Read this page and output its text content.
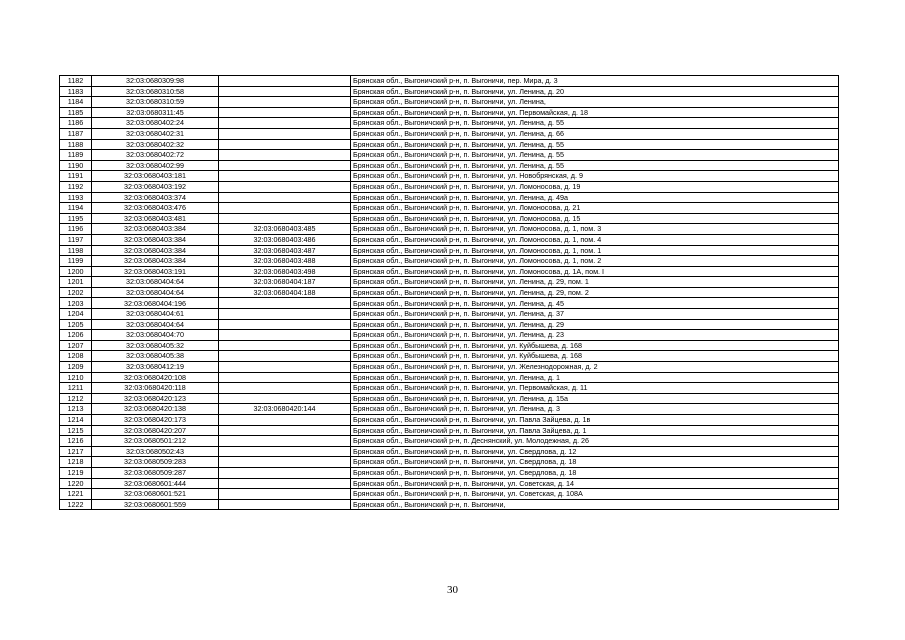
1182	32:03:0680309:98		Брянская обл., Выгоничский р-н, п. Выгоничи, пер. Мира, д. 3
1183	32:03:0680310:58		Брянская обл., Выгоничский р-н, п. Выгоничи, ул. Ленина, д. 20
1184	32:03:0680310:59		Брянская обл., Выгоничский р-н, п. Выгоничи, ул. Ленина,
1185	32:03:0680311:45		Брянская обл., Выгоничский р-н, п. Выгоничи, ул. Первомайская, д. 18
1186	32:03:0680402:24		Брянская обл., Выгоничский р-н, п. Выгоничи, ул. Ленина, д. 55
1187	32:03:0680402:31		Брянская обл., Выгоничский р-н, п. Выгоничи, ул. Ленина, д. 66
1188	32:03:0680402:32		Брянская обл., Выгоничский р-н, п. Выгоничи, ул. Ленина, д. 55
1189	32:03:0680402:72		Брянская обл., Выгоничский р-н, п. Выгоничи, ул. Ленина, д. 55
1190	32:03:0680402:99		Брянская обл., Выгоничский р-н, п. Выгоничи, ул. Ленина, д. 55
1191	32:03:0680403:181		Брянская обл., Выгоничский р-н, п. Выгоничи, ул. Новобрянская, д. 9
1192	32:03:0680403:192		Брянская обл., Выгоничский р-н, п. Выгоничи, ул. Ломоносова, д. 19
1193	32:03:0680403:374		Брянская обл., Выгоничский р-н, п. Выгоничи, ул. Ленина, д. 49а
1194	32:03:0680403:476		Брянская обл., Выгоничский р-н, п. Выгоничи, ул. Ломоносова, д. 21
1195	32:03:0680403:481		Брянская обл., Выгоничский р-н, п. Выгоничи, ул. Ломоносова, д. 15
1196	32:03:0680403:384	32:03:0680403:485	Брянская обл., Выгоничский р-н, п. Выгоничи, ул. Ломоносова, д. 1, пом. 3
1197	32:03:0680403:384	32:03:0680403:486	Брянская обл., Выгоничский р-н, п. Выгоничи, ул. Ломоносова, д. 1, пом. 4
1198	32:03:0680403:384	32:03:0680403:487	Брянская обл., Выгоничский р-н, п. Выгоничи, ул. Ломоносова, д. 1, пом. 1
1199	32:03:0680403:384	32:03:0680403:488	Брянская обл., Выгоничский р-н, п. Выгоничи, ул. Ломоносова, д. 1, пом. 2
1200	32:03:0680403:191	32:03:0680403:498	Брянская обл., Выгоничский р-н, п. Выгоничи, ул. Ломоносова, д. 1А, пом. I
1201	32:03:0680404:64	32:03:0680404:187	Брянская обл., Выгоничский р-н, п. Выгоничи, ул. Ленина, д. 29, пом. 1
1202	32:03:0680404:64	32:03:0680404:188	Брянская обл., Выгоничский р-н, п. Выгоничи, ул. Ленина, д. 29, пом. 2
1203	32:03:0680404:196		Брянская обл., Выгоничский р-н, п. Выгоничи, ул. Ленина, д. 45
1204	32:03:0680404:61		Брянская обл., Выгоничский р-н, п. Выгоничи, ул. Ленина, д. 37
1205	32:03:0680404:64		Брянская обл., Выгоничский р-н, п. Выгоничи, ул. Ленина, д. 29
1206	32:03:0680404:70		Брянская обл., Выгоничский р-н, п. Выгоничи, ул. Ленина, д. 23
1207	32:03:0680405:32		Брянская обл., Выгоничский р-н, п. Выгоничи, ул. Куйбышева, д. 168
1208	32:03:0680405:38		Брянская обл., Выгоничский р-н, п. Выгоничи, ул. Куйбышева, д. 168
1209	32:03:0680412:19		Брянская обл., Выгоничский р-н, п. Выгоничи, ул. Железнодорожная, д. 2
1210	32:03:0680420:108		Брянская обл., Выгоничский р-н, п. Выгоничи, ул. Ленина, д. 1
1211	32:03:0680420:118		Брянская обл., Выгоничский р-н, п. Выгоничи, ул. Первомайская, д. 11
1212	32:03:0680420:123		Брянская обл., Выгоничский р-н, п. Выгоничи, ул. Ленина, д. 15а
1213	32:03:0680420:138	32:03:0680420:144	Брянская обл., Выгоничский р-н, п. Выгоничи, ул. Ленина, д. 3
1214	32:03:0680420:173		Брянская обл., Выгоничский р-н, п. Выгоничи, ул. Павла Зайцева, д. 1в
1215	32:03:0680420:207		Брянская обл., Выгоничский р-н, п. Выгоничи, ул. Павла Зайцева, д. 1
1216	32:03:0680501:212		Брянская обл., Выгоничский р-н, п. Деснянский, ул. Молодежная, д. 26
1217	32:03:0680502:43		Брянская обл., Выгоничский р-н, п. Выгоничи, ул. Свердлова, д. 12
1218	32:03:0680509:283		Брянская обл., Выгоничский р-н, п. Выгоничи, ул. Свердлова, д. 18
1219	32:03:0680509:287		Брянская обл., Выгоничский р-н, п. Выгоничи, ул. Свердлова, д. 18
1220	32:03:0680601:444		Брянская обл., Выгоничский р-н, п. Выгоничи, ул. Советская, д. 14
1221	32:03:0680601:521		Брянская обл., Выгоничский р-н, п. Выгоничи, ул. Советская, д. 108А
1222	32:03:0680601:559		Брянская обл., Выгоничский р-н, п. Выгоничи,
30
